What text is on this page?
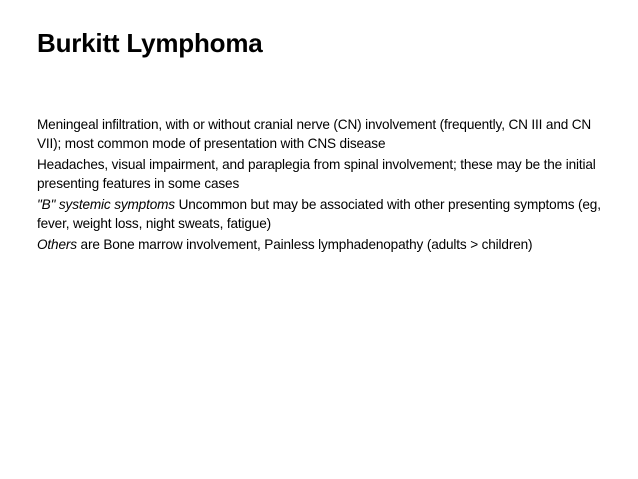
Burkitt Lymphoma

Meningeal infiltration, with or without cranial nerve (CN) involvement (frequently, CN III and CN VII); most common mode of presentation with CNS disease

Headaches, visual impairment, and paraplegia from spinal involvement; these may be the initial presenting features in some cases

"B" systemic symptoms Uncommon but may be associated with other presenting symptoms (eg, fever, weight loss, night sweats, fatigue)

Others are Bone marrow involvement, Painless lymphadenopathy (adults > children)
